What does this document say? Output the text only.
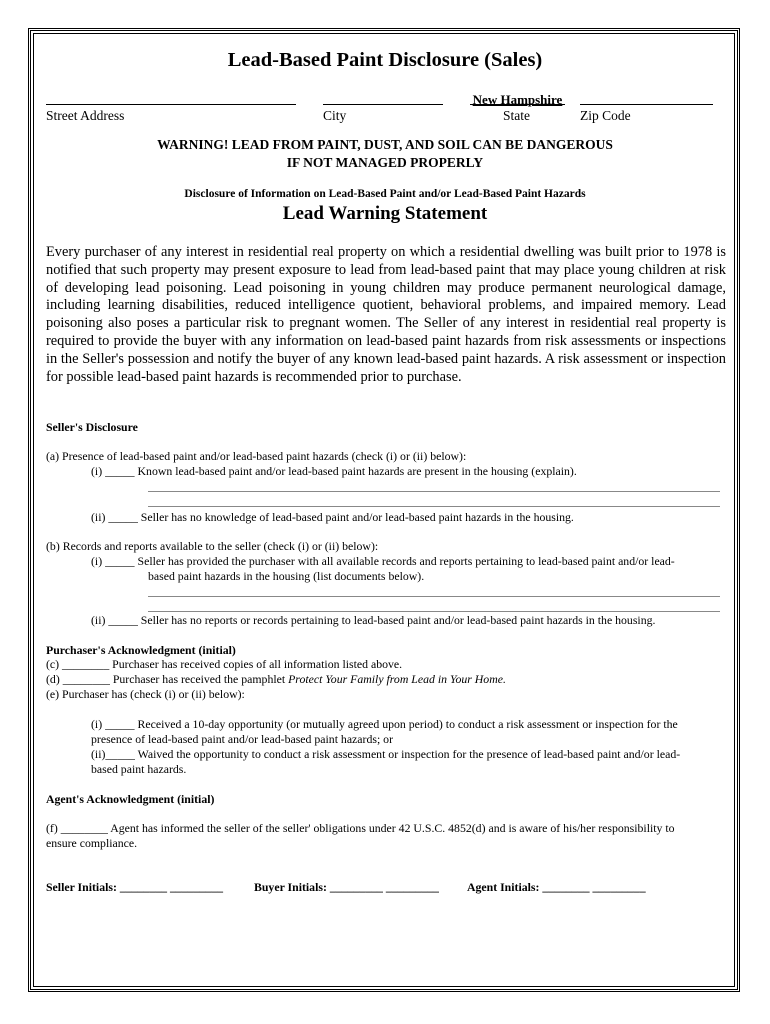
Lead-Based Paint Disclosure (Sales)
New Hampshire
Street Address	City	State	Zip Code
WARNING! LEAD FROM PAINT, DUST, AND SOIL CAN BE DANGEROUS
IF NOT MANAGED PROPERLY
Disclosure of Information on Lead-Based Paint and/or Lead-Based Paint Hazards
Lead Warning Statement
Every purchaser of any interest in residential real property on which a residential dwelling was built prior to 1978 is notified that such property may present exposure to lead from lead-based paint that may place young children at risk of developing lead poisoning. Lead poisoning in young children may produce permanent neurological damage, including learning disabilities, reduced intelligence quotient, behavioral problems, and impaired memory. Lead poisoning also poses a particular risk to pregnant women. The Seller of any interest in residential real property is required to provide the buyer with any information on lead-based paint hazards from risk assessments or inspections in the Seller's possession and notify the buyer of any known lead-based paint hazards. A risk assessment or inspection for possible lead-based paint hazards is recommended prior to purchase.
Seller's Disclosure
(a) Presence of lead-based paint and/or lead-based paint hazards (check (i) or (ii) below):
(i) _____ Known lead-based paint and/or lead-based paint hazards are present in the housing (explain).
(ii) _____ Seller has no knowledge of lead-based paint and/or lead-based paint hazards in the housing.
(b) Records and reports available to the seller (check (i) or (ii) below):
(i) _____ Seller has provided the purchaser with all available records and reports pertaining to lead-based paint and/or lead-
based paint hazards in the housing (list documents below).
(ii) _____ Seller has no reports or records pertaining to lead-based paint and/or lead-based paint hazards in the housing.
Purchaser's Acknowledgment (initial)
(c) ________ Purchaser has received copies of all information listed above.
(d) ________ Purchaser has received the pamphlet Protect Your Family from Lead in Your Home.
(e) Purchaser has (check (i) or (ii) below):
(i) _____ Received a 10-day opportunity (or mutually agreed upon period) to conduct a risk assessment or inspection for the
presence of lead-based paint and/or lead-based paint hazards; or
(ii)_____ Waived the opportunity to conduct a risk assessment or inspection for the presence of lead-based paint and/or lead-
based paint hazards.
Agent's Acknowledgment (initial)
(f) ________ Agent has informed the seller of the seller' obligations under 42 U.S.C. 4852(d) and is aware of his/her responsibility to
ensure compliance.
Seller Initials: ________ _________	Buyer Initials: _________ _________ Agent Initials: ________ _________
